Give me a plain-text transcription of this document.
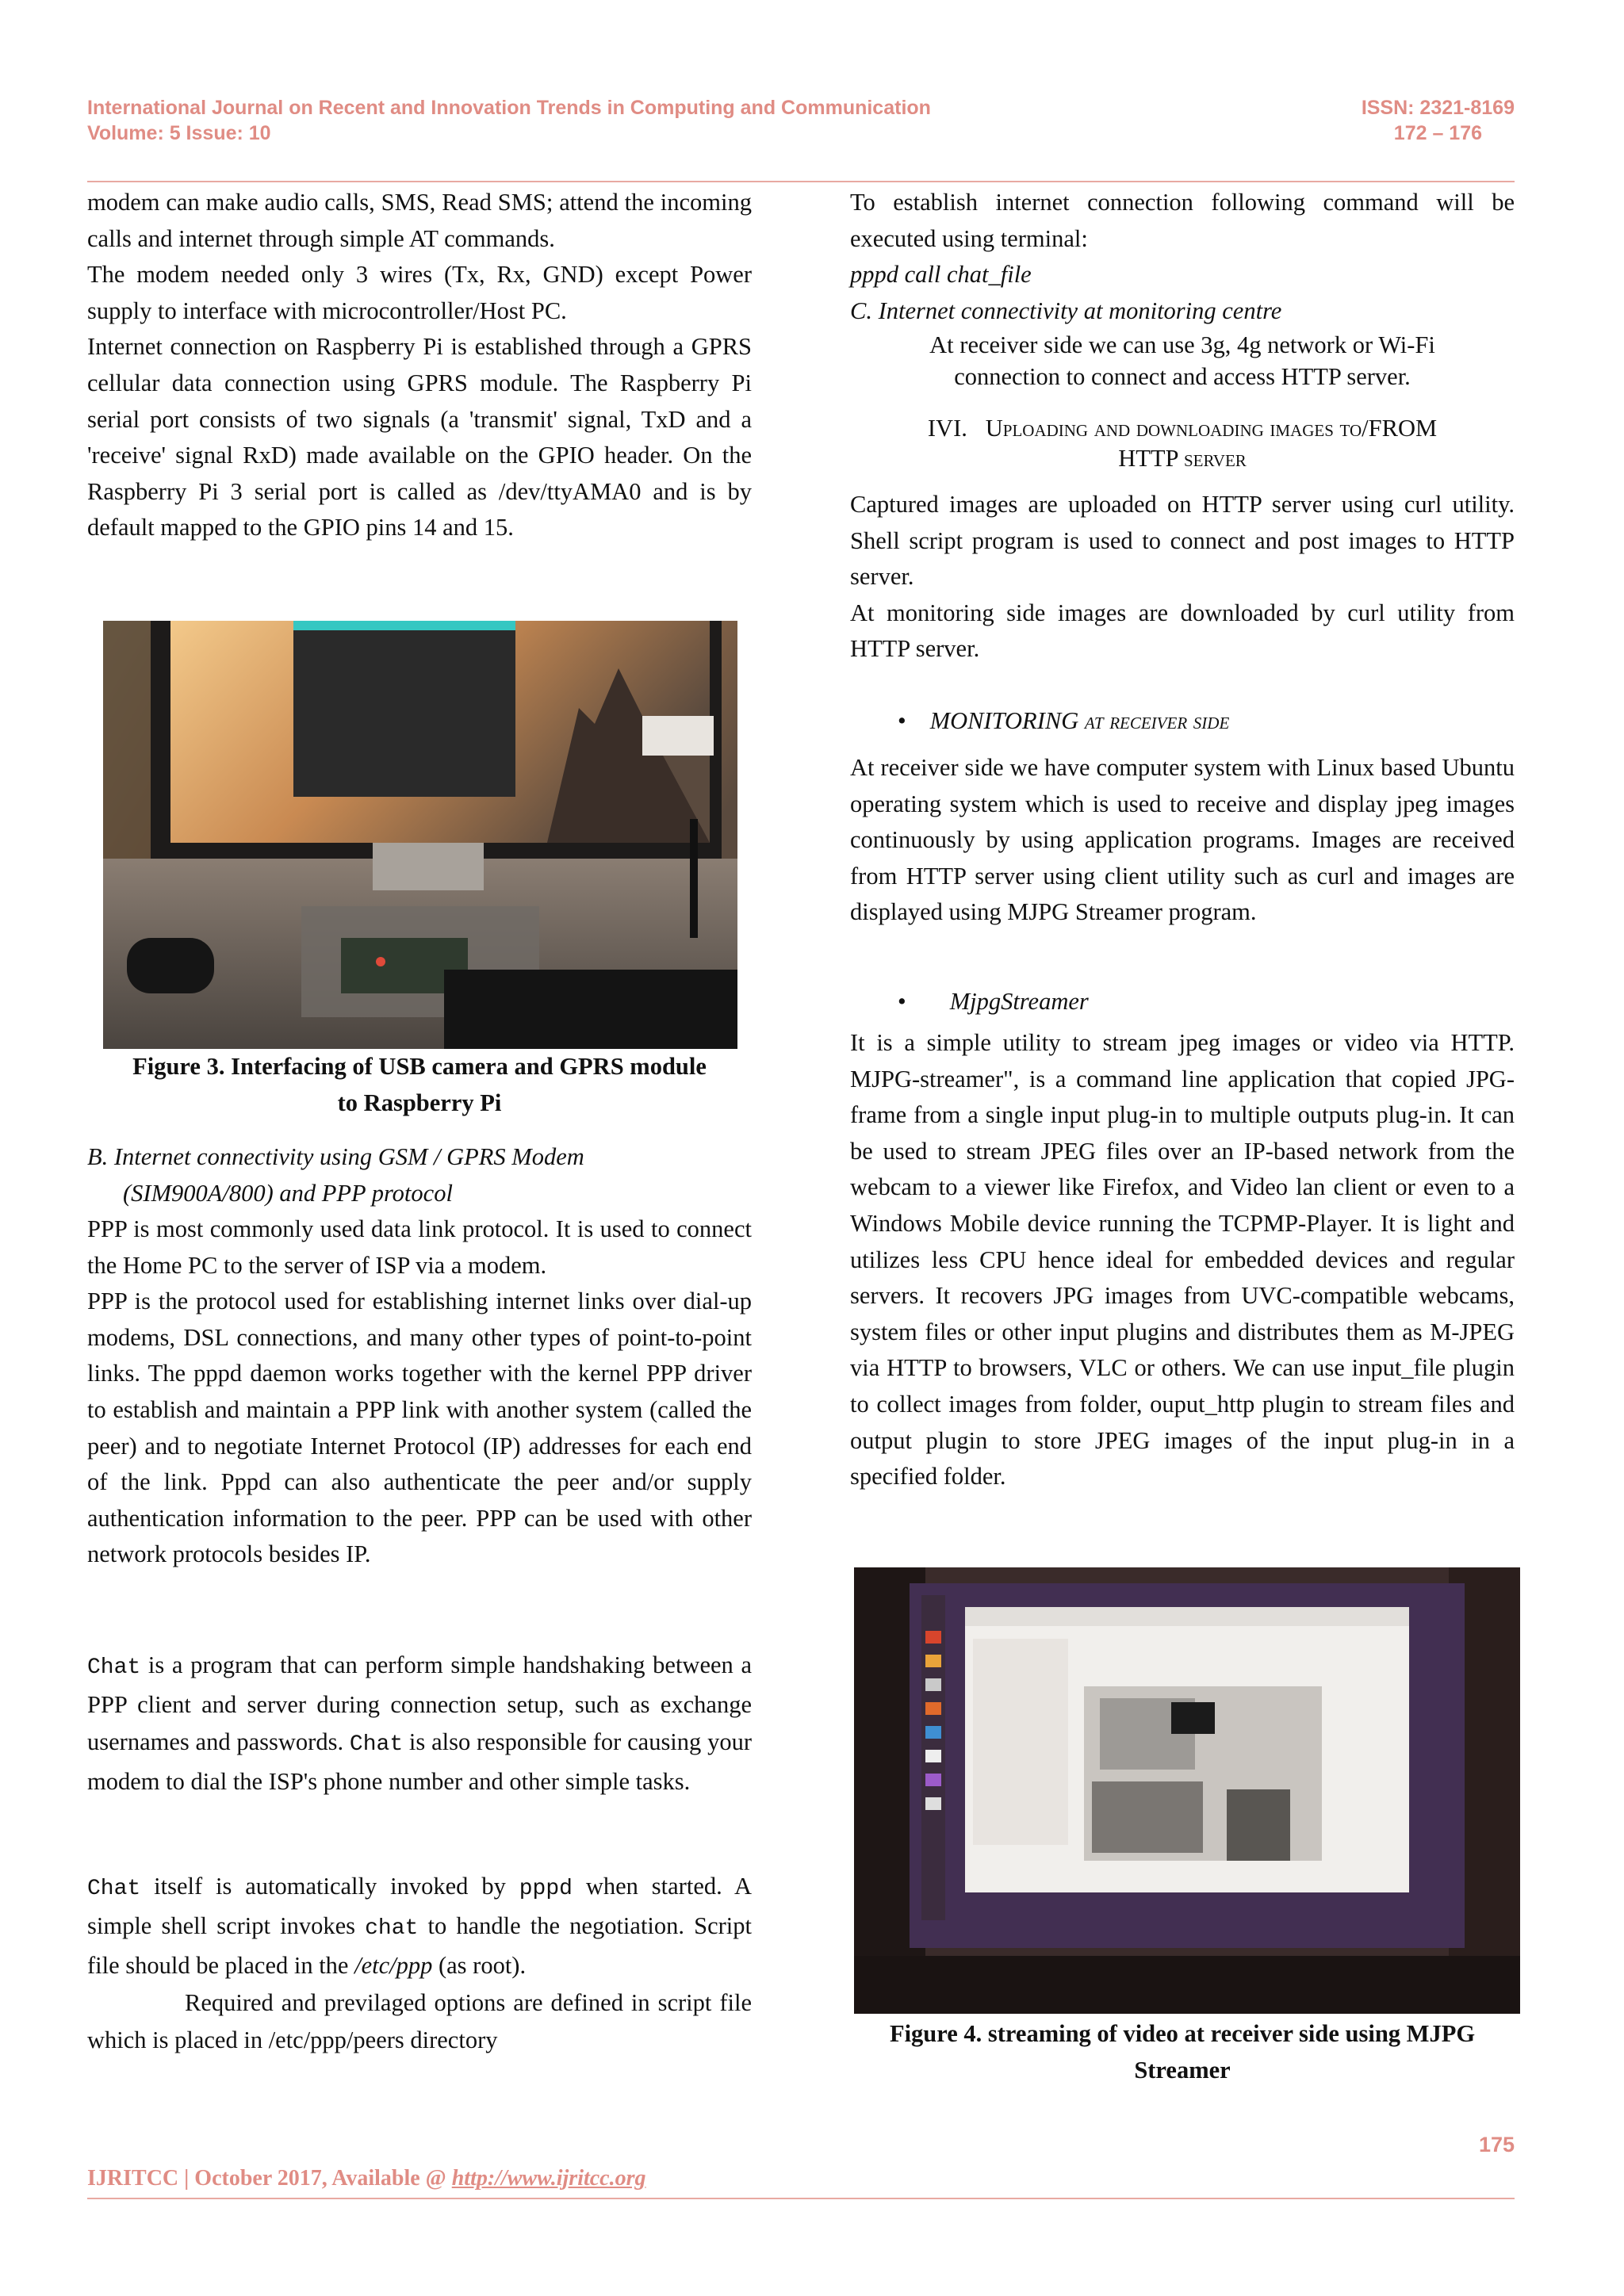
International Journal on Recent and Innovation Trends in Computing and Communication
Volume: 5 Issue: 10
ISSN: 2321-8169
172 – 176

modem can make audio calls, SMS, Read SMS; attend the incoming calls and internet through simple AT commands.

The modem needed only 3 wires (Tx, Rx, GND) except Power supply to interface with microcontroller/Host PC.

Internet connection on Raspberry Pi is established through a GPRS cellular data connection using GPRS module. The Raspberry Pi serial port consists of two signals (a 'transmit' signal, TxD and a 'receive' signal RxD) made available on the GPIO header. On the Raspberry Pi 3 serial port is called as /dev/ttyAMA0 and is by default mapped to the GPIO pins 14 and 15.

Figure 3. Interfacing of USB camera and GPRS module
to Raspberry Pi
B. Internet connectivity using GSM / GPRS Modem
(SIM900A/800) and PPP protocol

PPP is most commonly used data link protocol. It is used to connect the Home PC to the server of ISP via a modem.

PPP is the protocol used for establishing internet links over dial-up modems, DSL connections, and many other types of point-to-point links. The pppd daemon works together with the kernel PPP driver to establish and maintain a PPP link with another system (called the peer) and to negotiate Internet Protocol (IP) addresses for each end of the link. Pppd can also authenticate the peer and/or supply authentication information to the peer. PPP can be used with other network protocols besides IP.

Chat is a program that can perform simple handshaking between a PPP client and server during connection setup, such as exchange usernames and passwords. Chat is also responsible for causing your modem to dial the ISP's phone number and other simple tasks.

Chat itself is automatically invoked by pppd when started. A simple shell script invokes chat to handle the negotiation. Script file should be placed in the /etc/ppp (as root).

Required and previlaged options are defined in script file which is placed in /etc/ppp/peers directory

To establish internet connection following command will be executed using terminal:

pppd call chat_file

C. Internet connectivity at monitoring centre

At receiver side we can use 3g, 4g network or Wi-Fi connection to connect and access HTTP server.

IVI. Uploading and downloading images to/FROM
HTTP server

Captured images are uploaded on HTTP server using curl utility. Shell script program is used to connect and post images to HTTP server.

At monitoring side images are downloaded by curl utility from HTTP server.

• MONITORING at receiver side

At receiver side we have computer system with Linux based Ubuntu operating system which is used to receive and display jpeg images continuously by using application programs. Images are received from HTTP server using client utility such as curl and images are displayed using MJPG Streamer program.

• MjpgStreamer

It is a simple utility to stream jpeg images or video via HTTP. MJPG-streamer", is a command line application that copied JPG-frame from a single input plug-in to multiple outputs plug-in. It can be used to stream JPEG files over an IP-based network from the webcam to a viewer like Firefox, and Video lan client or even to a Windows Mobile device running the TCPMP-Player. It is light and utilizes less CPU hence ideal for embedded devices and regular servers. It recovers JPG images from UVC-compatible webcams, system files or other input plugins and distributes them as M-JPEG via HTTP to browsers, VLC or others. We can use input_file plugin to collect images from folder, ouput_http plugin to stream files and output plugin to store JPEG images of the input plug-in in a specified folder.

Figure 4. streaming of video at receiver side using MJPG
Streamer
175
IJRITCC | October 2017, Available @ http://www.ijritcc.org
